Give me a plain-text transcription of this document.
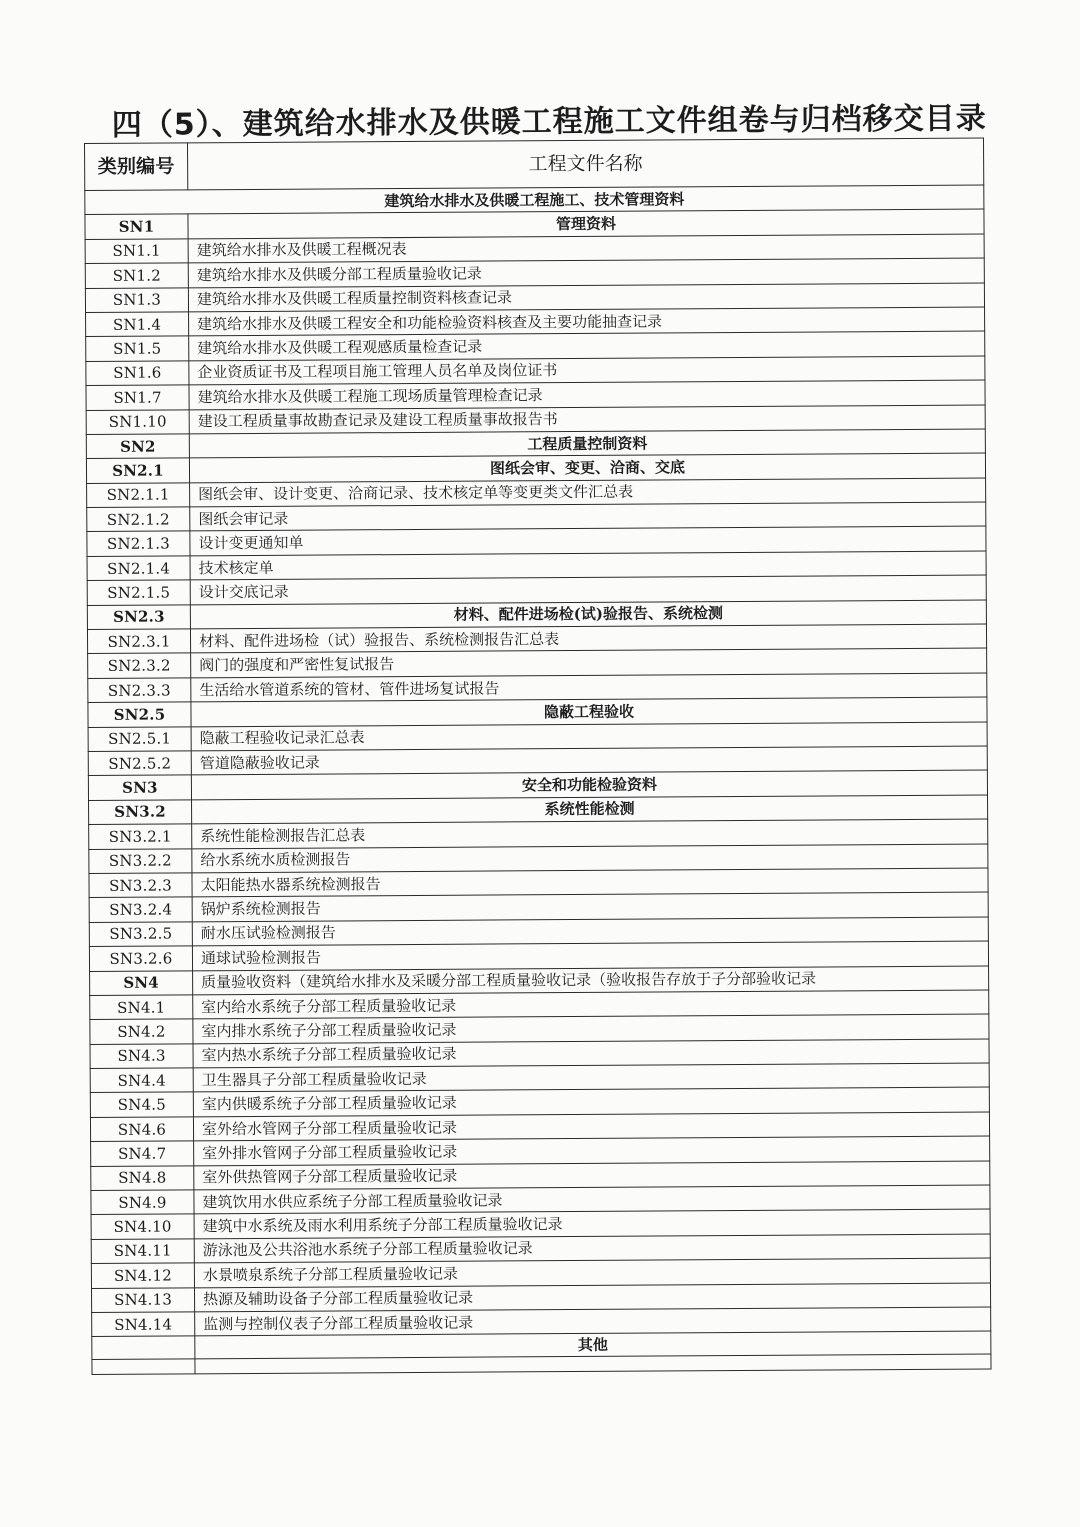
四（5）、建筑给水排水及供暖工程施工文件组卷与归档移交目录
类别编号	工程文件名称
建筑给水排水及供暖工程施工、技术管理资料	
SN1	管理资料
SN1.1	建筑给水排水及供暖工程概况表
SN1.2	建筑给水排水及供暖分部工程质量验收记录
SN1.3	建筑给水排水及供暖工程质量控制资料核查记录
SN1.4	建筑给水排水及供暖工程安全和功能检验资料核查及主要功能抽查记录
SN1.5	建筑给水排水及供暖工程观感质量检查记录
SN1.6	企业资质证书及工程项目施工管理人员名单及岗位证书
SN1.7	建筑给水排水及供暖工程施工现场质量管理检查记录
SN1.10	建设工程质量事故勘查记录及建设工程质量事故报告书
SN2	工程质量控制资料
SN2.1	图纸会审、变更、洽商、交底
SN2.1.1	图纸会审、设计变更、洽商记录、技术核定单等变更类文件汇总表
SN2.1.2	图纸会审记录
SN2.1.3	设计变更通知单
SN2.1.4	技术核定单
SN2.1.5	设计交底记录
SN2.3	材料、配件进场检(试)验报告、系统检测
SN2.3.1	材料、配件进场检（试）验报告、系统检测报告汇总表
SN2.3.2	阀门的强度和严密性复试报告
SN2.3.3	生活给水管道系统的管材、管件进场复试报告
SN2.5	隐蔽工程验收
SN2.5.1	隐蔽工程验收记录汇总表
SN2.5.2	管道隐蔽验收记录
SN3	安全和功能检验资料
SN3.2	系统性能检测
SN3.2.1	系统性能检测报告汇总表
SN3.2.2	给水系统水质检测报告
SN3.2.3	太阳能热水器系统检测报告
SN3.2.4	锅炉系统检测报告
SN3.2.5	耐水压试验检测报告
SN3.2.6	通球试验检测报告
SN4	质量验收资料（建筑给水排水及采暖分部工程质量验收记录（验收报告存放于子分部验收记录
SN4.1	室内给水系统子分部工程质量验收记录
SN4.2	室内排水系统子分部工程质量验收记录
SN4.3	室内热水系统子分部工程质量验收记录
SN4.4	卫生器具子分部工程质量验收记录
SN4.5	室内供暖系统子分部工程质量验收记录
SN4.6	室外给水管网子分部工程质量验收记录
SN4.7	室外排水管网子分部工程质量验收记录
SN4.8	室外供热管网子分部工程质量验收记录
SN4.9	建筑饮用水供应系统子分部工程质量验收记录
SN4.10	建筑中水系统及雨水利用系统子分部工程质量验收记录
SN4.11	游泳池及公共浴池水系统子分部工程质量验收记录
SN4.12	水景喷泉系统子分部工程质量验收记录
SN4.13	热源及辅助设备子分部工程质量验收记录
SN4.14	监测与控制仪表子分部工程质量验收记录
	其他
